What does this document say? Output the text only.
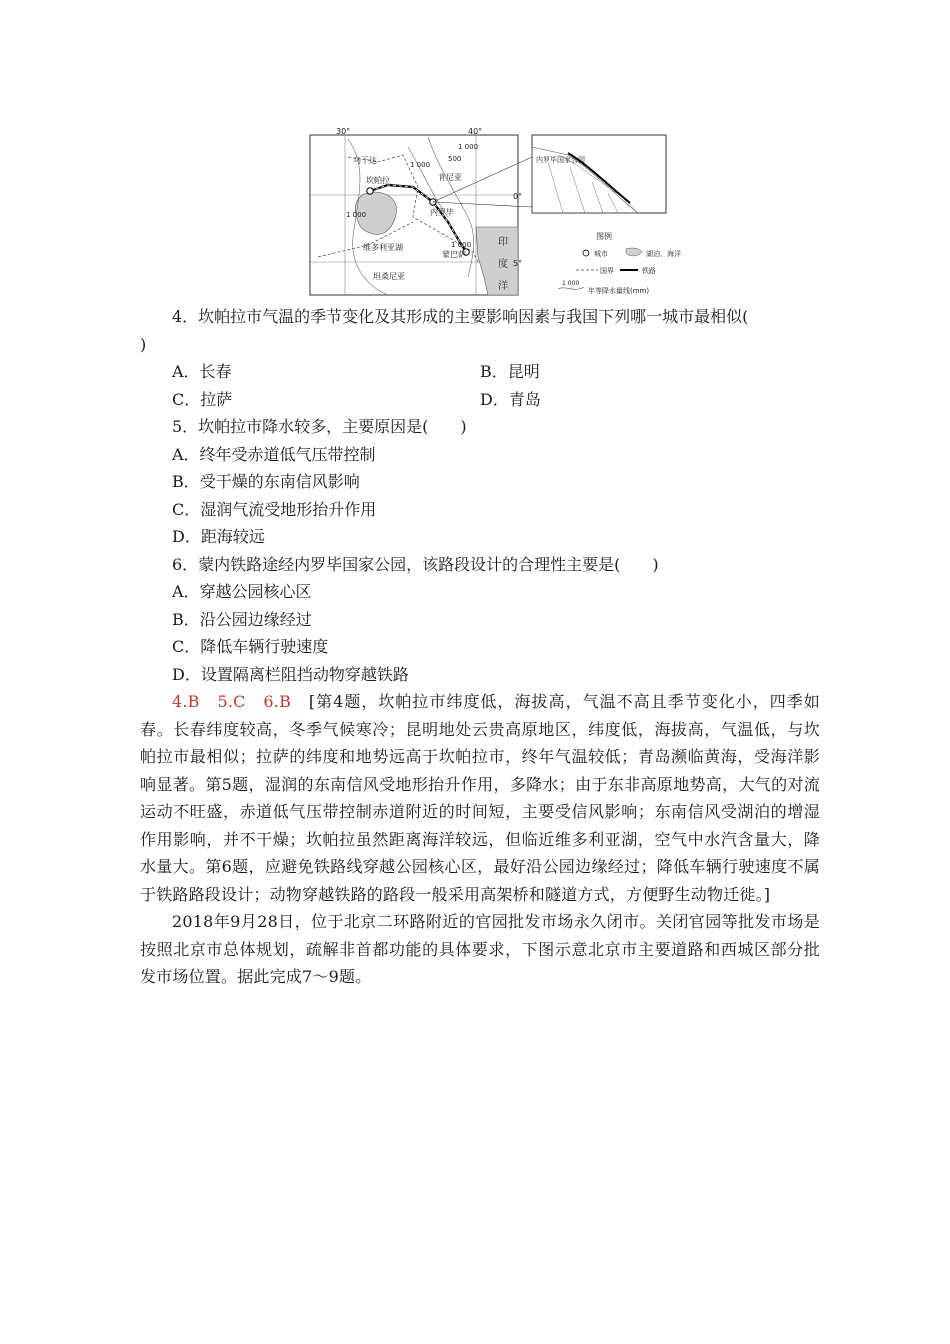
30°	40°
0°
5°
乌干达
肯尼亚
维多利亚湖
坦桑尼亚
印
度
洋
坎帕拉
内罗毕
蒙巴萨
1 000
500
1 000
1 000
1 000
内罗毕国家公园
图例
城市	湖泊、海洋
国界	铁路
1 000
年等降水量线(mm)
4．坎帕拉市气温的季节变化及其形成的主要影响因素与我国下列哪一城市最相似(
)
A．长春	B．昆明
C．拉萨	D．青岛
5．坎帕拉市降水较多，主要原因是(　　)
A．终年受赤道低气压带控制
B．受干燥的东南信风影响
C．湿润气流受地形抬升作用
D．距海较远
6．蒙内铁路途经内罗毕国家公园，该路段设计的合理性主要是(　　)
A．穿越公园核心区
B．沿公园边缘经过
C．降低车辆行驶速度
D．设置隔离栏阻挡动物穿越铁路
4.B　5.C　6.B　 [第4题，坎帕拉市纬度低，海拔高，气温不高且季节变化小，四季如春。长春纬度较高，冬季气候寒冷；昆明地处云贵高原地区，纬度低，海拔高，气温低，与坎帕拉市最相似；拉萨的纬度和地势远高于坎帕拉市，终年气温较低；青岛濒临黄海，受海洋影响显著。第5题，湿润的东南信风受地形抬升作用，多降水；由于东非高原地势高，大气的对流运动不旺盛，赤道低气压带控制赤道附近的时间短，主要受信风影响；东南信风受湖泊的增湿作用影响，并不干燥；坎帕拉虽然距离海洋较远，但临近维多利亚湖，空气中水汽含量大，降水量大。第6题，应避免铁路线穿越公园核心区，最好沿公园边缘经过；降低车辆行驶速度不属于铁路路段设计；动物穿越铁路的路段一般采用高架桥和隧道方式，方便野生动物迁徙。]
2018年9月28日，位于北京二环路附近的官园批发市场永久闭市。关闭官园等批发市场是按照北京市总体规划，疏解非首都功能的具体要求，下图示意北京市主要道路和西城区部分批发市场位置。据此完成7～9题。
